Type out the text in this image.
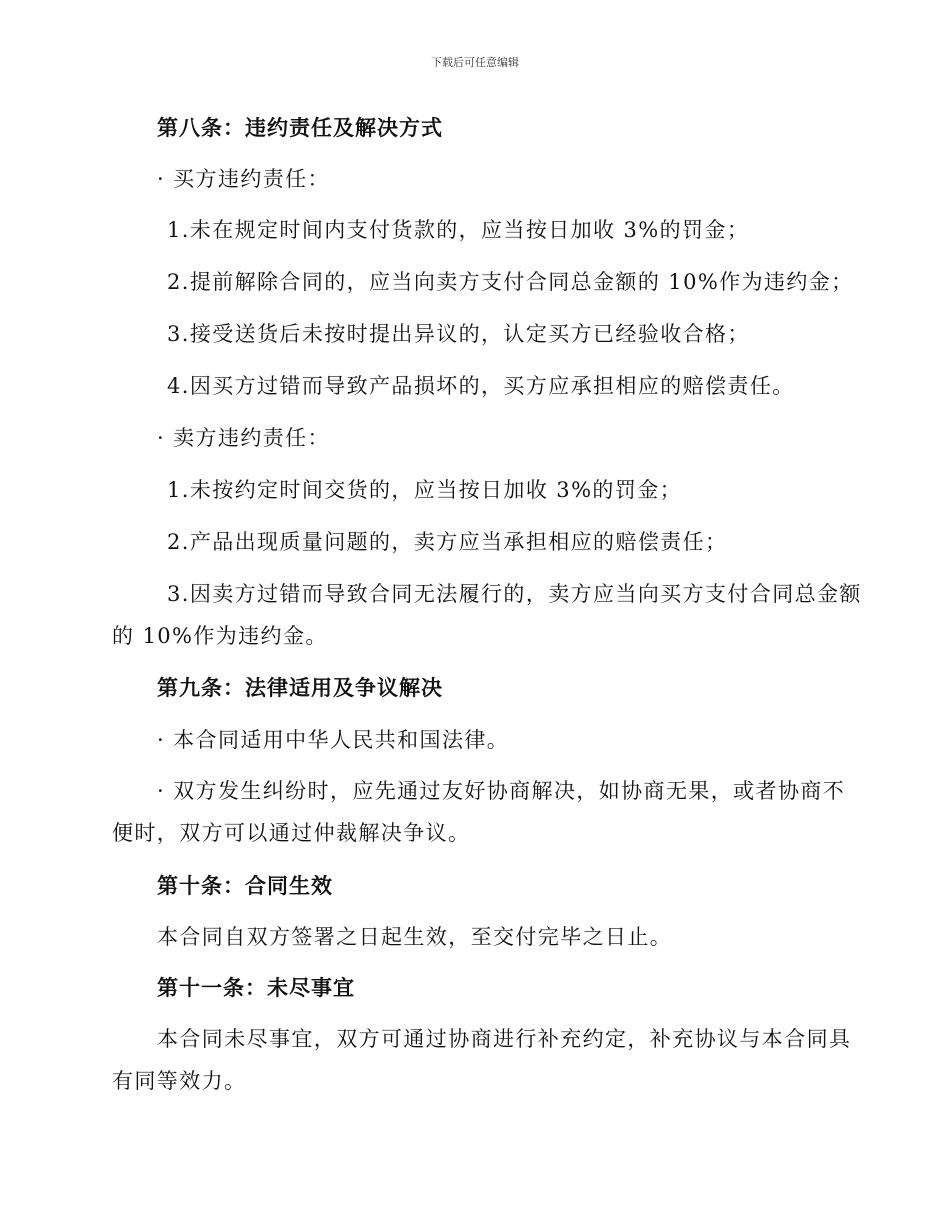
下载后可任意编辑
第八条：违约责任及解决方式
· 买方违约责任：
1.未在规定时间内支付货款的，应当按日加收 3%的罚金；
2.提前解除合同的，应当向卖方支付合同总金额的 10%作为违约金；
3.接受送货后未按时提出异议的，认定买方已经验收合格；
4.因买方过错而导致产品损坏的，买方应承担相应的赔偿责任。
· 卖方违约责任：
1.未按约定时间交货的，应当按日加收 3%的罚金；
2.产品出现质量问题的，卖方应当承担相应的赔偿责任；
3.因卖方过错而导致合同无法履行的，卖方应当向买方支付合同总金额
的 10%作为违约金。
第九条：法律适用及争议解决
· 本合同适用中华人民共和国法律。
· 双方发生纠纷时，应先通过友好协商解决，如协商无果，或者协商不
便时，双方可以通过仲裁解决争议。
第十条：合同生效
本合同自双方签署之日起生效，至交付完毕之日止。
第十一条：未尽事宜
本合同未尽事宜，双方可通过协商进行补充约定，补充协议与本合同具
有同等效力。
